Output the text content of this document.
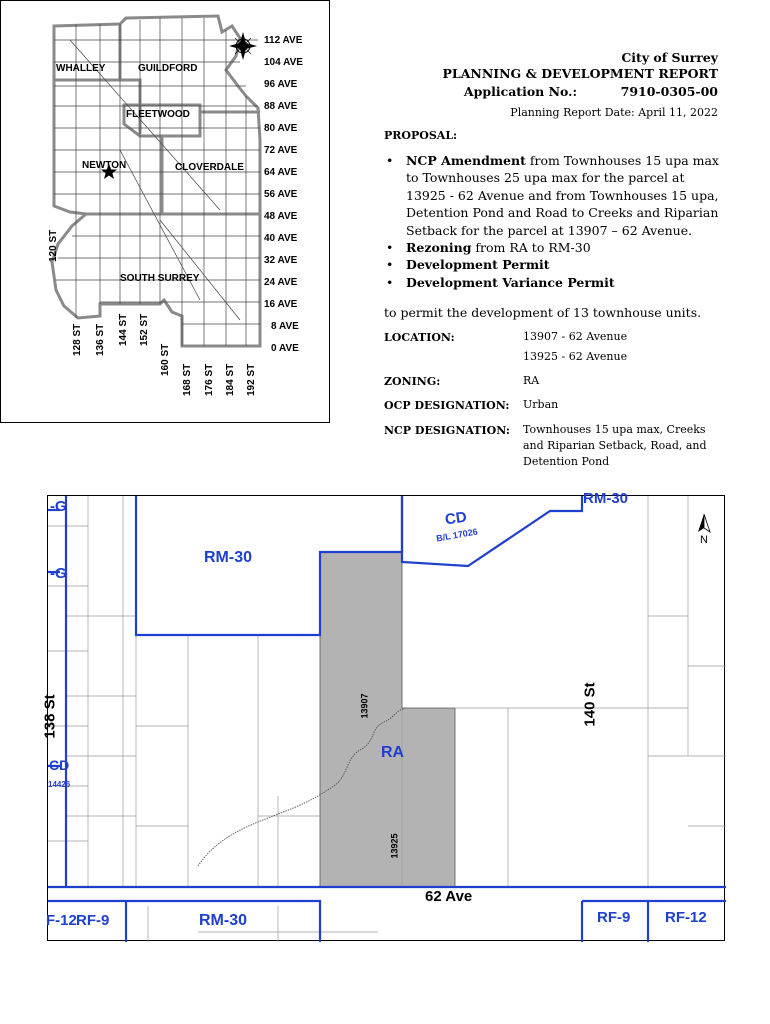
WHALLEY	GUILDFORD
FLEETWOOD
NEWTON	CLOVERDALE
SOUTH SURREY
112 AVE
104 AVE
96 AVE
88 AVE
80 AVE
72 AVE
64 AVE
56 AVE
48 AVE
40 AVE
32 AVE
24 AVE
16 AVE
8 AVE
0 AVE
120 ST
128 ST 136 ST 144 ST 152 ST
160 ST
168 ST 176 ST 184 ST 192 ST
City of Surrey
PLANNING & DEVELOPMENT REPORT
Application No.:	7910-0305-00
Planning Report Date: April 11, 2022
PROPOSAL:
• NCP Amendment from Townhouses 15 upa max to Townhouses 25 upa max for the parcel at 13925 - 62 Avenue and from Townhouses 15 upa, Detention Pond and Road to Creeks and Riparian Setback for the parcel at 13907 – 62 Avenue.
• Rezoning from RA to RM-30
• Development Permit
• Development Variance Permit
to permit the development of 13 townhouse units.
LOCATION:	13907 - 62 Avenue
13925 - 62 Avenue
ZONING:	RA
OCP DESIGNATION: Urban
NCP DESIGNATION: Townhouses 15 upa max, Creeks
and Riparian Setback, Road, and
Detention Pond
RM-30
CD
B/L 17026
RM-30
RA
RM-30
F-12 RF-9	RF-9 RF-12
-G
-G
CD
14426
138 St	140 St
62 Ave
13907
13925
N
